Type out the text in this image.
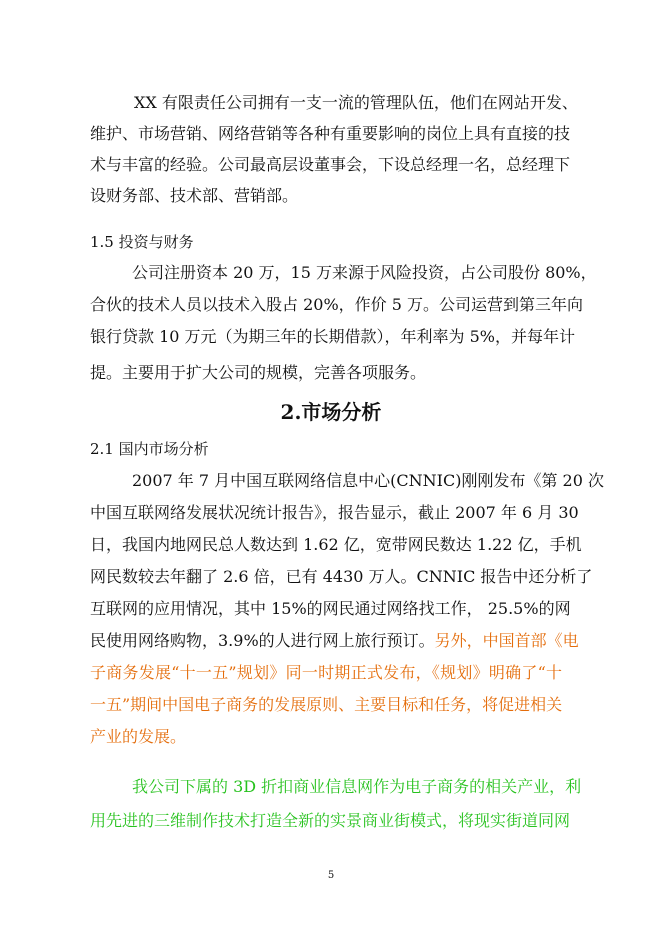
XX 有限责任公司拥有一支一流的管理队伍，他们在网站开发、
维护、市场营销、网络营销等各种有重要影响的岗位上具有直接的技
术与丰富的经验。公司最高层设董事会，下设总经理一名，总经理下
设财务部、技术部、营销部。
1.5 投资与财务
公司注册资本 20 万，15 万来源于风险投资，占公司股份 80%，
合伙的技术人员以技术入股占 20%，作价 5 万。公司运营到第三年向
银行贷款 10 万元（为期三年的长期借款），年利率为 5%，并每年计
提。主要用于扩大公司的规模，完善各项服务。
2.市场分析
2.1 国内市场分析
2007 年 7 月中国互联网络信息中心(CNNIC)刚刚发布《第 20 次
中国互联网络发展状况统计报告》，报告显示，截止 2007 年 6 月 30
日，我国内地网民总人数达到 1.62 亿，宽带网民数达 1.22 亿，手机
网民数较去年翻了 2.6 倍，已有 4430 万人。CNNIC 报告中还分析了
互联网的应用情况，其中 15%的网民通过网络找工作， 25.5%的网
民使用网络购物，3.9%的人进行网上旅行预订。另外，中国首部《电
子商务发展“十一五”规划》同一时期正式发布，《规划》明确了“十
一五”期间中国电子商务的发展原则、主要目标和任务，将促进相关
产业的发展。
我公司下属的 3D 折扣商业信息网作为电子商务的相关产业，利
用先进的三维制作技术打造全新的实景商业街模式，将现实街道同网
5
